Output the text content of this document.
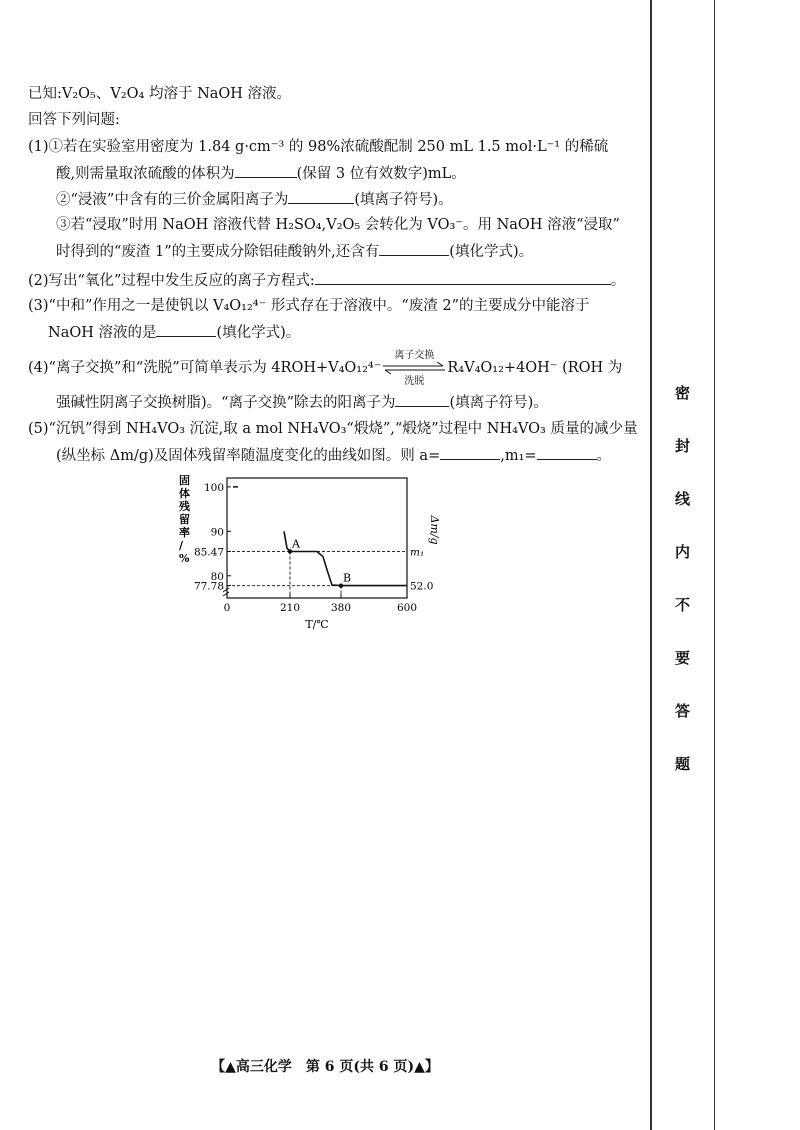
已知:V₂O₅、V₂O₄ 均溶于 NaOH 溶液。
回答下列问题:
(1)①若在实验室用密度为 1.84 g·cm⁻³ 的 98%浓硫酸配制 250 mL 1.5 mol·L⁻¹ 的稀硫
酸,则需量取浓硫酸的体积为	(保留 3 位有效数字)mL。
②“浸液”中含有的三价金属阳离子为	(填离子符号)。
③若“浸取”时用 NaOH 溶液代替 H₂SO₄,V₂O₅ 会转化为 VO₃⁻。用 NaOH 溶液“浸取”
时得到的“废渣 1”的主要成分除铝硅酸钠外,还含有	(填化学式)。
(2)写出“氧化”过程中发生反应的离子方程式:	。
(3)“中和”作用之一是使钒以 V₄O₁₂⁴⁻ 形式存在于溶液中。“废渣 2”的主要成分中能溶于
NaOH 溶液的是	(填化学式)。
(4)“离子交换”和“洗脱”可简单表示为 4ROH+V₄O₁₂⁴⁻
离子交换
洗脱
R₄V₄O₁₂+4OH⁻ (ROH 为
强碱性阴离子交换树脂)。“离子交换”除去的阳离子为	(填离子符号)。
(5)“沉钒”得到 NH₄VO₃ 沉淀,取 a mol NH₄VO₃“煅烧”,“煅烧”过程中 NH₄VO₃ 质量的减少量
(纵坐标 Δm/g)及固体残留率随温度变化的曲线如图。则 a=	,m₁=	。
固
体
残
留
率
/
%
77.78
80
85.47
90
100
0	210	380	600
T/℃
A
B
m₁
52.0
Δm/g
密
封
线
内
不
要
答
题
【▲高三化学　第 6 页(共 6 页)▲】
